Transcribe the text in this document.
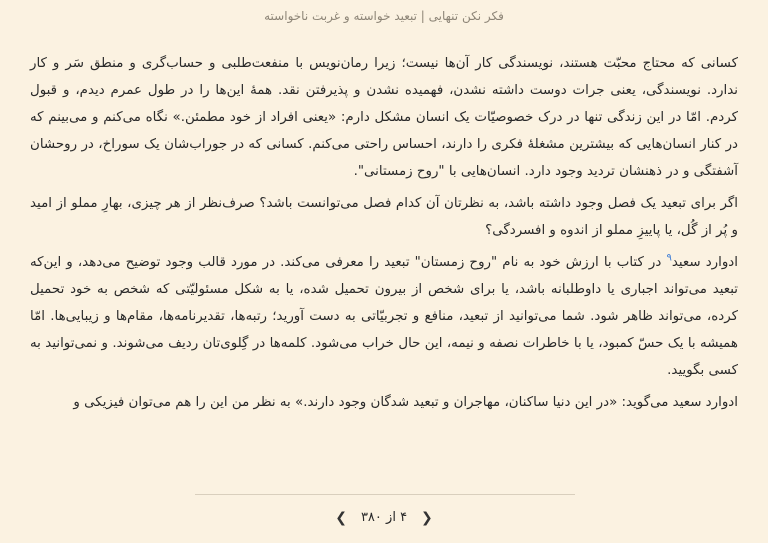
فکر نکن تنهایی | تبعید خواسته و غربت ناخواسته

کسانی که محتاج محبّت هستند، نویسندگی کار آن‌ها نیست؛ زیرا رمان‌نویس با منفعت‌طلبی و حساب‌گری و منطق سَر و کار ندارد. نویسندگی، یعنی جرات دوست داشته نشدن، فهمیده نشدن و پذیرفتن نقد. همهٔ این‌ها را در طول عمرم دیدم، و قبول کردم. امّا در این زندگی تنها در درک خصوصیّات یک انسان مشکل دارم: «یعنی افراد از خود مطمئن.» نگاه می‌کنم و می‌بینم که در کنار انسان‌هایی که بیشترین مشغلهٔ فکری را دارند، احساس راحتی می‌کنم. کسانی که در جوراب‌شان یک سوراخ، در روحشان آشفتگی و در ذهنشان تردید وجود دارد. انسان‌هایی با "روح زمستانی".

اگر برای تبعید یک فصل وجود داشته باشد، به نظرتان آن کدام فصل می‌توانست باشد؟ صرف‌نظر از هر چیزی، بهارِ مملو از امید و پُر از گُل، یا پاییزِ مملو از اندوه و افسردگی؟

ادوارد سعید$^۹$ در کتاب با ارزش خود به نام "روح زمستان" تبعید را معرفی می‌کند. در مورد قالب وجود توضیح می‌دهد، و این‌که تبعید می‌تواند اجباری یا داوطلبانه باشد، یا برای شخص از بیرون تحمیل شده، یا به شکل مسئولیّتی که شخص به خود تحمیل کرده، می‌تواند ظاهر شود. شما می‌توانید از تبعید، منافع و تجربیّاتی به دست آورید؛ رتبه‌ها، تقدیرنامه‌ها، مقام‌ها و زیبایی‌ها. امّا همیشه با یک حسّ کمبود، یا با خاطرات نصفه و نیمه، این حال خراب می‌شود. کلمه‌ها در گِلوی‌تان ردیف می‌شوند. و نمی‌توانید به کسی بگویید.

ادوارد سعید می‌گوید: «در این دنیا ساکنان، مهاجران و تبعید شدگان وجود دارند.» به نظر من این را هم می‌توان فیزیکی و

❮ ۴ از ۳۸۰ ❯
